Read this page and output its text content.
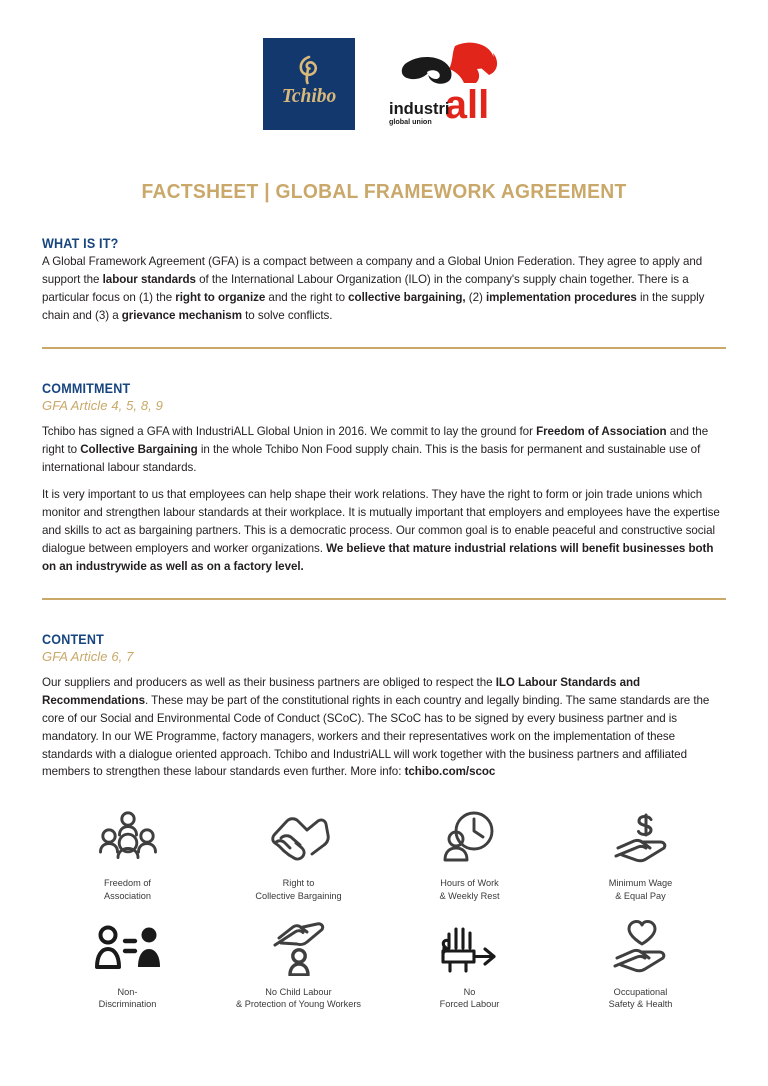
Tchibo	all
industri
global union
FACTSHEET | GLOBAL FRAMEWORK AGREEMENT
WHAT IS IT?

A Global Framework Agreement (GFA) is a compact between a company and a Global Union Federation. They agree to apply and support the labour standards of the International Labour Organization (ILO) in the company's supply chain together. There is a particular focus on (1) the right to organize and the right to collective bargaining, (2) implementation procedures in the supply chain and (3) a grievance mechanism to solve conflicts.

COMMITMENT
GFA Article 4, 5, 8, 9

Tchibo has signed a GFA with IndustriALL Global Union in 2016. We commit to lay the ground for Freedom of Association and the right to Collective Bargaining in the whole Tchibo Non Food supply chain. This is the basis for permanent and sustainable use of international labour standards.

It is very important to us that employees can help shape their work relations. They have the right to form or join trade unions which monitor and strengthen labour standards at their workplace. It is mutually important that employers and employees have the expertise and skills to act as bargaining partners. This is a democratic process. Our common goal is to enable peaceful and constructive social dialogue between employers and worker organizations. We believe that mature industrial relations will benefit businesses both on an industrywide as well as on a factory level.

CONTENT
GFA Article 6, 7

Our suppliers and producers as well as their business partners are obliged to respect the ILO Labour Standards and Recommendations. These may be part of the constitutional rights in each country and legally binding. The same standards are the core of our Social and Environmental Code of Conduct (SCoC). The SCoC has to be signed by every business partner and is mandatory. In our WE Programme, factory managers, workers and their representatives work on the implementation of these standards with a dialogue oriented approach. Tchibo and IndustriALL will work together with the business partners and affiliated members to strengthen these labour standards even further. More info: tchibo.com/scoc

Freedom of
Association
Right to
Collective Bargaining
Hours of Work
& Weekly Rest
Minimum Wage
& Equal Pay
Non-
Discrimination
No Child Labour
& Protection of Young Workers
No
Forced Labour
Occupational
Safety & Health
